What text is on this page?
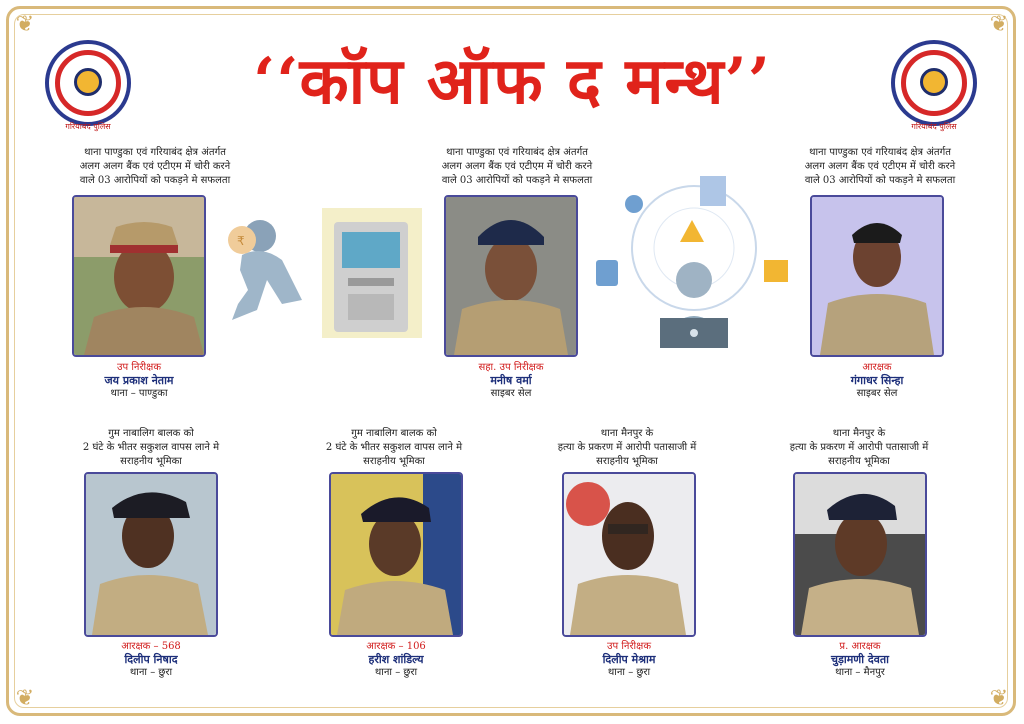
❦	❦
❦	❦
गरियाबंद पुलिस	गरियाबंद पुलिस
‘‘कॉप ऑफ द मन्थ’’
थाना पाण्डुका एवं गरियाबंद क्षेत्र अंतर्गत
अलग अलग बैंक एवं एटीएम में चोरी करने
वाले 03 आरोपियों को पकड़ने मे सफलता
थाना पाण्डुका एवं गरियाबंद क्षेत्र अंतर्गत
अलग अलग बैंक एवं एटीएम में चोरी करने
वाले 03 आरोपियों को पकड़ने मे सफलता
थाना पाण्डुका एवं गरियाबंद क्षेत्र अंतर्गत
अलग अलग बैंक एवं एटीएम में चोरी करने
वाले 03 आरोपियों को पकड़ने मे सफलता
₹
उप निरीक्षक
जय प्रकाश नेताम
थाना – पाण्डुका
सहा. उप निरीक्षक
मनीष वर्मा
साइबर सेल
आरक्षक
गंगाधर सिन्हा
साइबर सेल
गुम नाबालिग बालक को
2 घंटे के भीतर सकुशल वापस लाने मे
सराहनीय भूमिका
गुम नाबालिग बालक को
2 घंटे के भीतर सकुशल वापस लाने मे
सराहनीय भूमिका
थाना मैनपुर के
हत्या के प्रकरण में आरोपी पतासाजी में
सराहनीय भूमिका
थाना मैनपुर के
हत्या के प्रकरण में आरोपी पतासाजी में
सराहनीय भूमिका
आरक्षक – 568
दिलीप निषाद
थाना – छुरा
आरक्षक – 106
हरीश शांडिल्य
थाना – छुरा
उप निरीक्षक
दिलीप मेश्राम
थाना – छुरा
प्र. आरक्षक
चुड़ामणी देवता
थाना – मैनपुर
